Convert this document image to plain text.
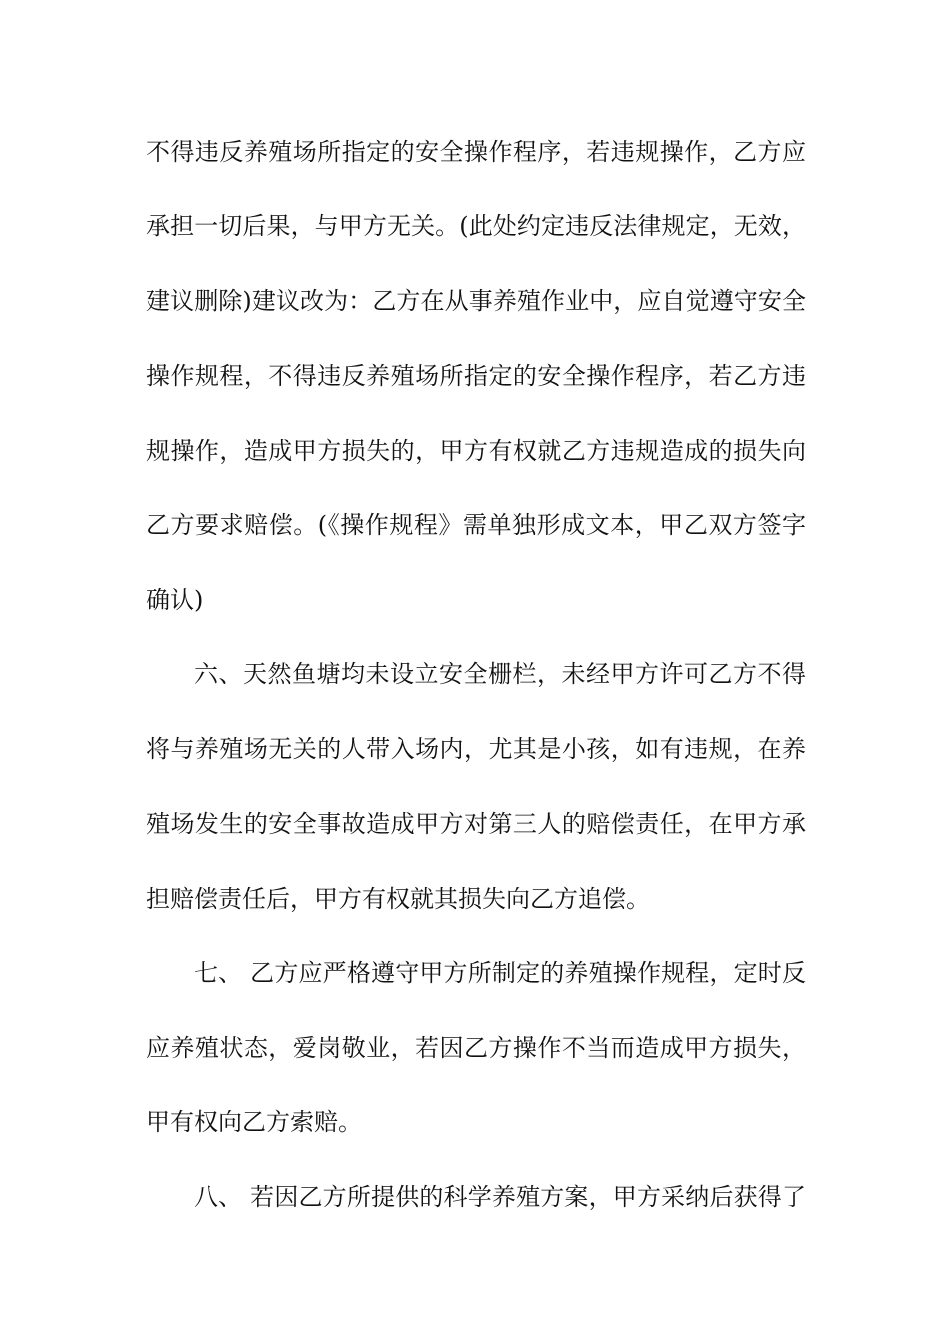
不得违反养殖场所指定的安全操作程序，若违规操作，乙方应
承担一切后果，与甲方无关。(此处约定违反法律规定，无效，
建议删除)建议改为：乙方在从事养殖作业中，应自觉遵守安全
操作规程，不得违反养殖场所指定的安全操作程序，若乙方违
规操作，造成甲方损失的，甲方有权就乙方违规造成的损失向
乙方要求赔偿。(《操作规程》需单独形成文本，甲乙双方签字
确认)
六、天然鱼塘均未设立安全栅栏，未经甲方许可乙方不得
将与养殖场无关的人带入场内，尤其是小孩，如有违规，在养
殖场发生的安全事故造成甲方对第三人的赔偿责任，在甲方承
担赔偿责任后，甲方有权就其损失向乙方追偿。
七、 乙方应严格遵守甲方所制定的养殖操作规程，定时反
应养殖状态，爱岗敬业，若因乙方操作不当而造成甲方损失，
甲有权向乙方索赔。
八、 若因乙方所提供的科学养殖方案，甲方采纳后获得了
